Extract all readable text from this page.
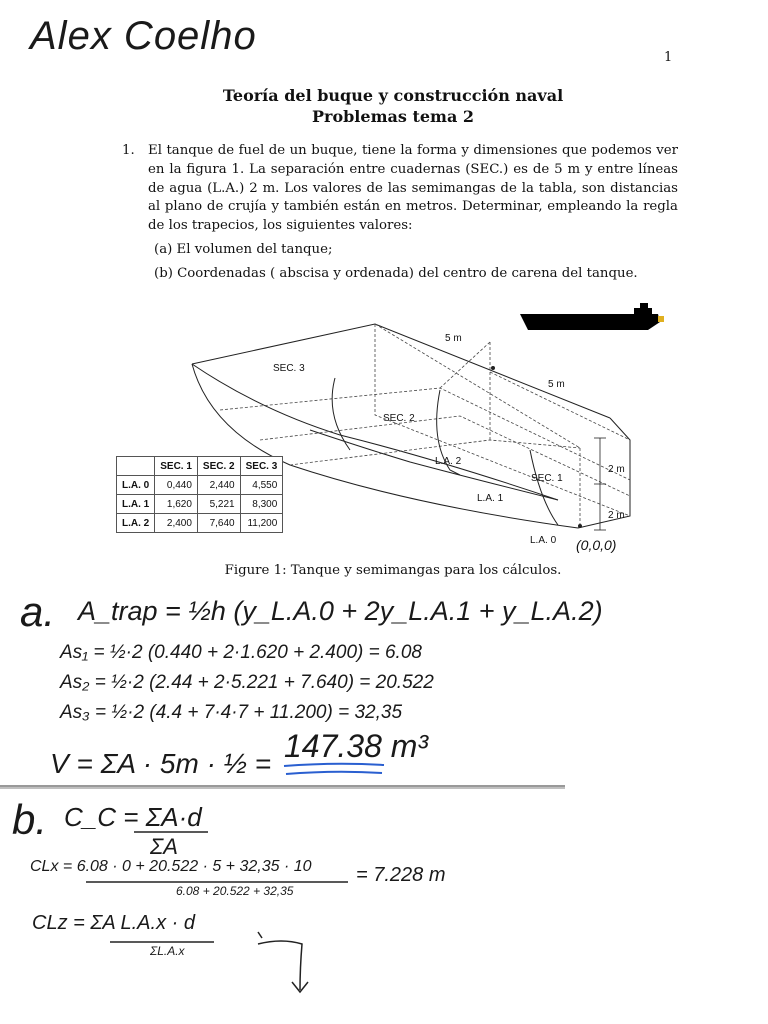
Alex Coelho	1
Teoría del buque y construcción naval
Problemas tema 2
1. El tanque de fuel de un buque, tiene la forma y dimensiones que podemos ver en la figura 1. La separación entre cuadernas (SEC.) es de 5 m y entre líneas de agua (L.A.) 2 m. Los valores de las semimangas de la tabla, son distancias al plano de crujía y también están en metros. Determinar, empleando la regla de los trapecios, los siguientes valores:
(a) El volumen del tanque;
(b) Coordenadas ( abscisa y ordenada) del centro de carena del tanque.
SEC. 3
SEC. 2
SEC. 1
L.A. 2
L.A. 1
L.A. 0
5 m
5 m
2 m
2 m
(0,0,0)
	SEC. 1	SEC. 2	SEC. 3
L.A. 0	0,440	2,440	4,550
L.A. 1	1,620	5,221	8,300
L.A. 2	2,400	7,640	11,200
Figure 1: Tanque y semimangas para los cálculos.
a. A_trap = ½h (y_L.A.0 + 2y_L.A.1 + y_L.A.2)
As₁ = ½·2 (0.440 + 2·1.620 + 2.400) = 6.08
As₂ = ½·2 (2.44 + 2·5.221 + 7.640) = 20.522
As₃ = ½·2 (4.4 + 7·4·7 + 11.200) = 32,35
V = ΣA · 5m · ½ = 147.38 m³
b. C_C = ΣA·d
ΣA
CLx = 6.08 · 0 + 20.522 · 5 + 32,35 · 10
6.08 + 20.522 + 32,35
= 7.228 m
CLz = ΣA L.A.x · d
ΣL.A.x
